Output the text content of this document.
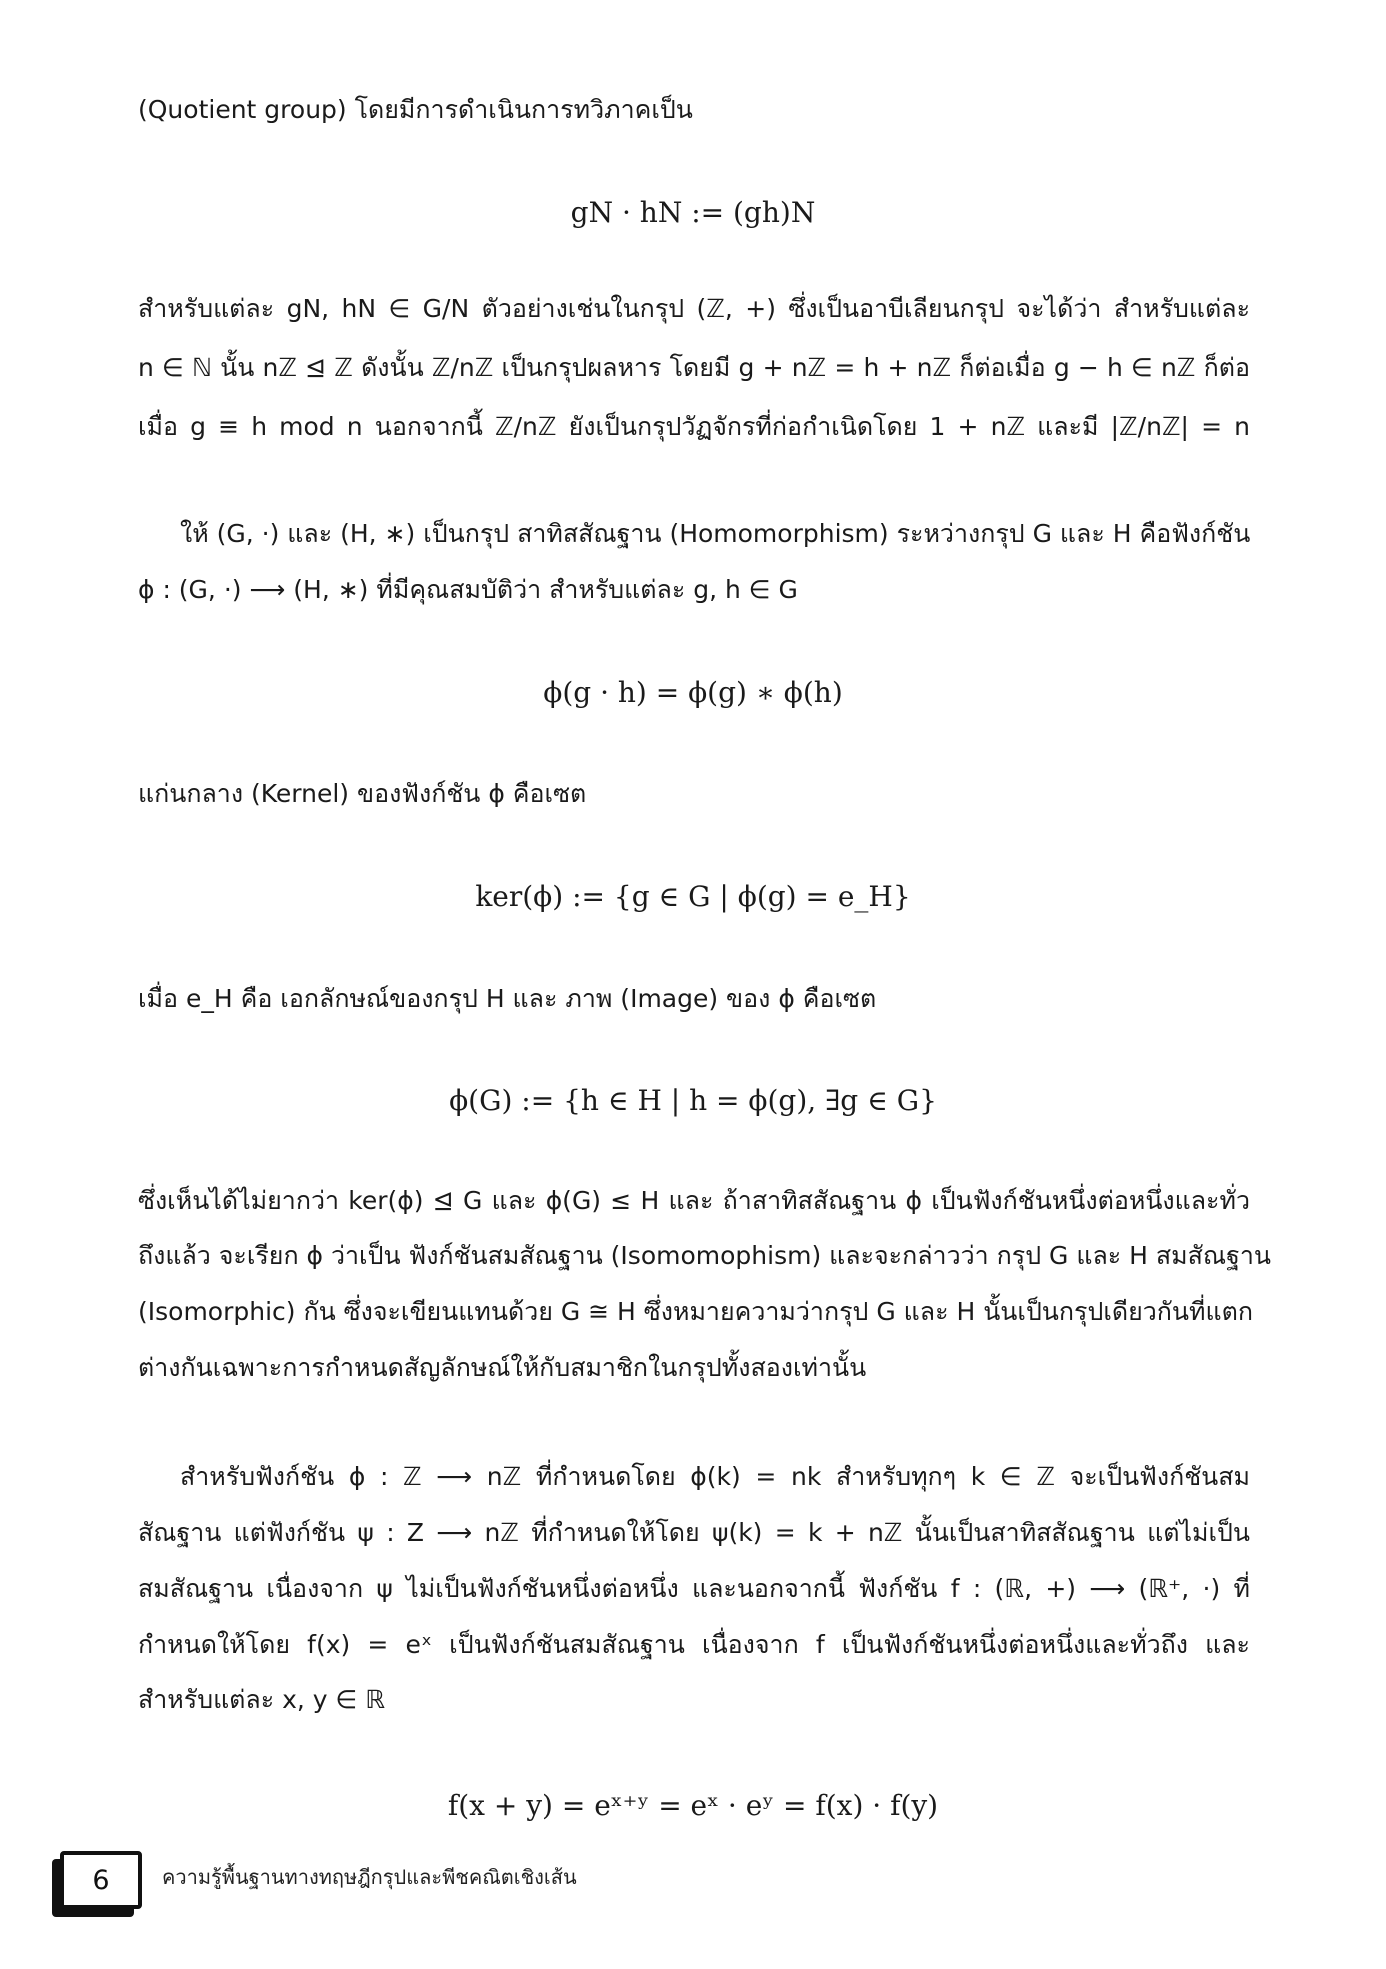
(Quotient group) โดยมีการดำเนินการทวิภาคเป็น
gN · hN := (gh)N
สำหรับแต่ละ gN, hN ∈ G/N ตัวอย่างเช่นในกรุป (ℤ, +) ซึ่งเป็นอาบีเลียนกรุป จะได้ว่า สำหรับแต่ละ
n ∈ ℕ นั้น nℤ ⊴ ℤ ดังนั้น ℤ/nℤ เป็นกรุปผลหาร โดยมี g + nℤ = h + nℤ ก็ต่อเมื่อ g − h ∈ nℤ ก็ต่อ
เมื่อ g ≡ h mod n นอกจากนี้ ℤ/nℤ ยังเป็นกรุปวัฏจักรที่ก่อกำเนิดโดย 1 + nℤ และมี |ℤ/nℤ| = n
ให้ (G, ·) และ (H, ∗) เป็นกรุป สาทิสสัณฐาน (Homomorphism) ระหว่างกรุป G และ H คือฟังก์ชัน
ϕ : (G, ·) ⟶ (H, ∗) ที่มีคุณสมบัติว่า สำหรับแต่ละ g, h ∈ G
ϕ(g · h) = ϕ(g) ∗ ϕ(h)
แก่นกลาง (Kernel) ของฟังก์ชัน ϕ คือเซต
ker(ϕ) := {g ∈ G | ϕ(g) = e_H}
เมื่อ e_H คือ เอกลักษณ์ของกรุป H และ ภาพ (Image) ของ ϕ คือเซต
ϕ(G) := {h ∈ H | h = ϕ(g), ∃g ∈ G}
ซึ่งเห็นได้ไม่ยากว่า ker(ϕ) ⊴ G และ ϕ(G) ≤ H และ ถ้าสาทิสสัณฐาน ϕ เป็นฟังก์ชันหนึ่งต่อหนึ่งและทั่ว
ถึงแล้ว จะเรียก ϕ ว่าเป็น ฟังก์ชันสมสัณฐาน (Isomomophism) และจะกล่าวว่า กรุป G และ H สมสัณฐาน
(Isomorphic) กัน ซึ่งจะเขียนแทนด้วย G ≅ H ซึ่งหมายความว่ากรุป G และ H นั้นเป็นกรุปเดียวกันที่แตก
ต่างกันเฉพาะการกำหนดสัญลักษณ์ให้กับสมาชิกในกรุปทั้งสองเท่านั้น
สำหรับฟังก์ชัน ϕ : ℤ ⟶ nℤ ที่กำหนดโดย ϕ(k) = nk สำหรับทุกๆ k ∈ ℤ จะเป็นฟังก์ชันสม
สัณฐาน แต่ฟังก์ชัน ψ : Z ⟶ nℤ ที่กำหนดให้โดย ψ(k) = k + nℤ นั้นเป็นสาทิสสัณฐาน แต่ไม่เป็น
สมสัณฐาน เนื่องจาก ψ ไม่เป็นฟังก์ชันหนึ่งต่อหนึ่ง และนอกจากนี้ ฟังก์ชัน f : (ℝ, +) ⟶ (ℝ⁺, ·) ที่
กำหนดให้โดย f(x) = eˣ เป็นฟังก์ชันสมสัณฐาน เนื่องจาก f เป็นฟังก์ชันหนึ่งต่อหนึ่งและทั่วถึง และ
สำหรับแต่ละ x, y ∈ ℝ
f(x + y) = eˣ⁺ʸ = eˣ · eʸ = f(x) · f(y)
6	ความรู้พื้นฐานทางทฤษฎีกรุปและพีชคณิตเชิงเส้น
